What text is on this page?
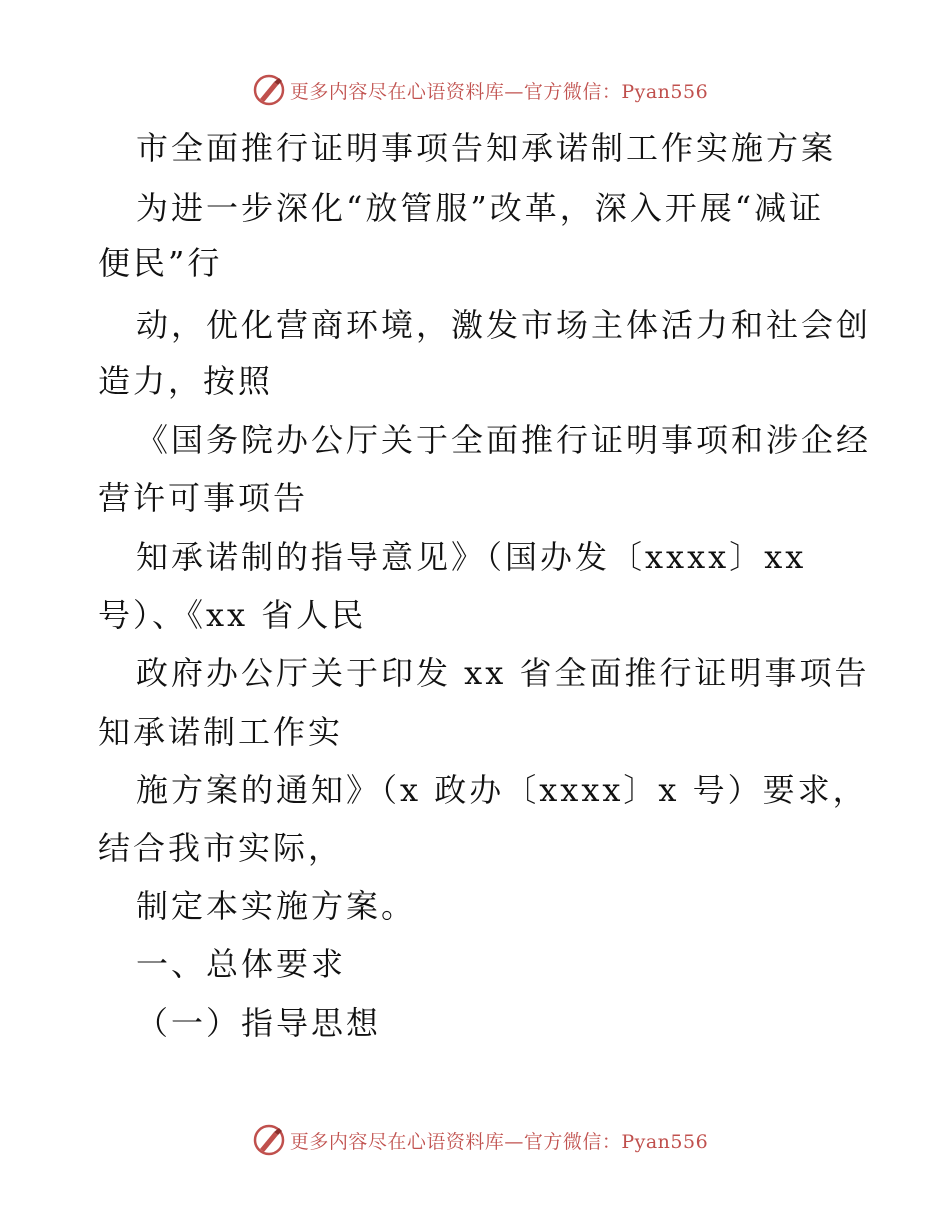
更多内容尽在心语资料库—官方微信：Pyan556
市全面推行证明事项告知承诺制工作实施方案
为进一步深化“放管服”改革，深入开展“减证
便民”行
动，优化营商环境，激发市场主体活力和社会创
造力，按照
《国务院办公厅关于全面推行证明事项和涉企经
营许可事项告
知承诺制的指导意见》（国办发〔xxxx〕xx
号）、《xx 省人民
政府办公厅关于印发 xx 省全面推行证明事项告
知承诺制工作实
施方案的通知》（x 政办〔xxxx〕x 号）要求，
结合我市实际，
制定本实施方案。
一、总体要求
（一）指导思想
更多内容尽在心语资料库—官方微信：Pyan556
